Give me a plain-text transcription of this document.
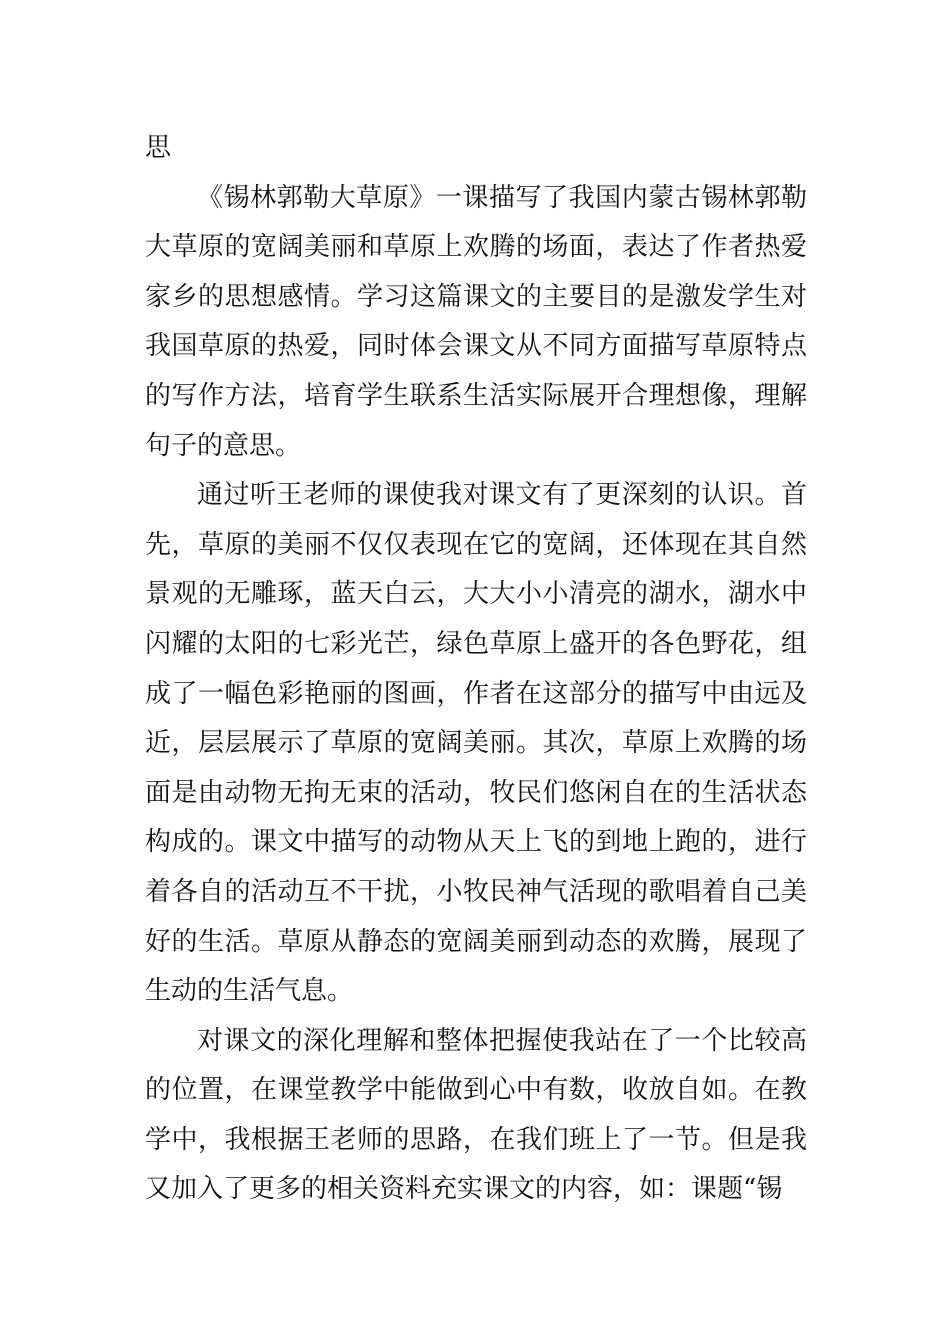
思

《锡林郭勒大草原》一课描写了我国内蒙古锡林郭勒
大草原的宽阔美丽和草原上欢腾的场面，表达了作者热爱
家乡的思想感情。学习这篇课文的主要目的是激发学生对
我国草原的热爱，同时体会课文从不同方面描写草原特点
的写作方法，培育学生联系生活实际展开合理想像，理解
句子的意思。

通过听王老师的课使我对课文有了更深刻的认识。首
先，草原的美丽不仅仅表现在它的宽阔，还体现在其自然
景观的无雕琢，蓝天白云，大大小小清亮的湖水，湖水中
闪耀的太阳的七彩光芒，绿色草原上盛开的各色野花，组
成了一幅色彩艳丽的图画，作者在这部分的描写中由远及
近，层层展示了草原的宽阔美丽。其次，草原上欢腾的场
面是由动物无拘无束的活动，牧民们悠闲自在的生活状态
构成的。课文中描写的动物从天上飞的到地上跑的，进行
着各自的活动互不干扰，小牧民神气活现的歌唱着自己美
好的生活。草原从静态的宽阔美丽到动态的欢腾，展现了
生动的生活气息。

对课文的深化理解和整体把握使我站在了一个比较高
的位置，在课堂教学中能做到心中有数，收放自如。在教
学中，我根据王老师的思路，在我们班上了一节。但是我
又加入了更多的相关资料充实课文的内容，如：课题“锡
